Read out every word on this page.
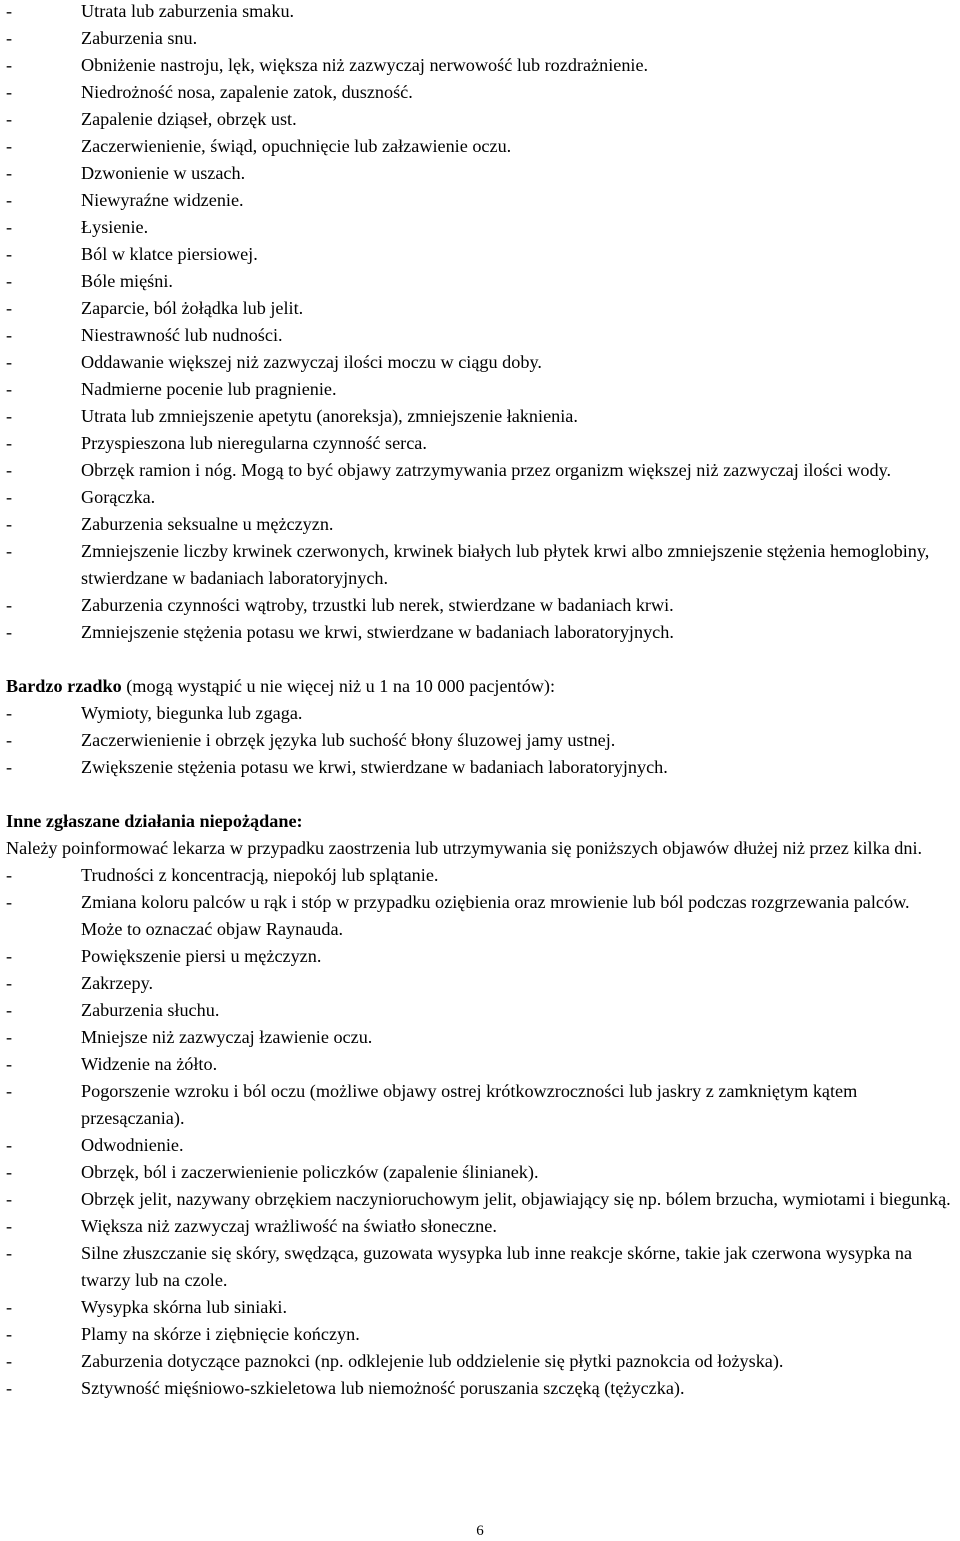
- Utrata lub zaburzenia smaku.
- Zaburzenia snu.
- Obniżenie nastroju, lęk, większa niż zazwyczaj nerwowość lub rozdrażnienie.
- Niedrożność nosa, zapalenie zatok, duszność.
- Zapalenie dziąseł, obrzęk ust.
- Zaczerwienienie, świąd, opuchnięcie lub załzawienie oczu.
- Dzwonienie w uszach.
- Niewyraźne widzenie.
- Łysienie.
- Ból w klatce piersiowej.
- Bóle mięśni.
- Zaparcie, ból żołądka lub jelit.
- Niestrawność lub nudności.
- Oddawanie większej niż zazwyczaj ilości moczu w ciągu doby.
- Nadmierne pocenie lub pragnienie.
- Utrata lub zmniejszenie apetytu (anoreksja), zmniejszenie łaknienia.
- Przyspieszona lub nieregularna czynność serca.
- Obrzęk ramion i nóg. Mogą to być objawy zatrzymywania przez organizm większej niż zazwyczaj ilości wody.
- Gorączka.
- Zaburzenia seksualne u mężczyzn.
- Zmniejszenie liczby krwinek czerwonych, krwinek białych lub płytek krwi albo zmniejszenie stężenia hemoglobiny, stwierdzane w badaniach laboratoryjnych.
- Zaburzenia czynności wątroby, trzustki lub nerek, stwierdzane w badaniach krwi.
- Zmniejszenie stężenia potasu we krwi, stwierdzane w badaniach laboratoryjnych.

Bardzo rzadko (mogą wystąpić u nie więcej niż u 1 na 10 000 pacjentów):

- Wymioty, biegunka lub zgaga.
- Zaczerwienienie i obrzęk języka lub suchość błony śluzowej jamy ustnej.
- Zwiększenie stężenia potasu we krwi, stwierdzane w badaniach laboratoryjnych.

Inne zgłaszane działania niepożądane:

Należy poinformować lekarza w przypadku zaostrzenia lub utrzymywania się poniższych objawów dłużej niż przez kilka dni.

- Trudności z koncentracją, niepokój lub splątanie.
- Zmiana koloru palców u rąk i stóp w przypadku oziębienia oraz mrowienie lub ból podczas rozgrzewania palców. Może to oznaczać objaw Raynauda.
- Powiększenie piersi u mężczyzn.
- Zakrzepy.
- Zaburzenia słuchu.
- Mniejsze niż zazwyczaj łzawienie oczu.
- Widzenie na żółto.
- Pogorszenie wzroku i ból oczu (możliwe objawy ostrej krótkowzroczności lub jaskry z zamkniętym kątem przesączania).
- Odwodnienie.
- Obrzęk, ból i zaczerwienienie policzków (zapalenie ślinianek).
- Obrzęk jelit, nazywany obrzękiem naczynioruchowym jelit, objawiający się np. bólem brzucha, wymiotami i biegunką.
- Większa niż zazwyczaj wrażliwość na światło słoneczne.
- Silne złuszczanie się skóry, swędząca, guzowata wysypka lub inne reakcje skórne, takie jak czerwona wysypka na twarzy lub na czole.
- Wysypka skórna lub siniaki.
- Plamy na skórze i ziębnięcie kończyn.
- Zaburzenia dotyczące paznokci (np. odklejenie lub oddzielenie się płytki paznokcia od łożyska).
- Sztywność mięśniowo-szkieletowa lub niemożność poruszania szczęką (tężyczka).
6
